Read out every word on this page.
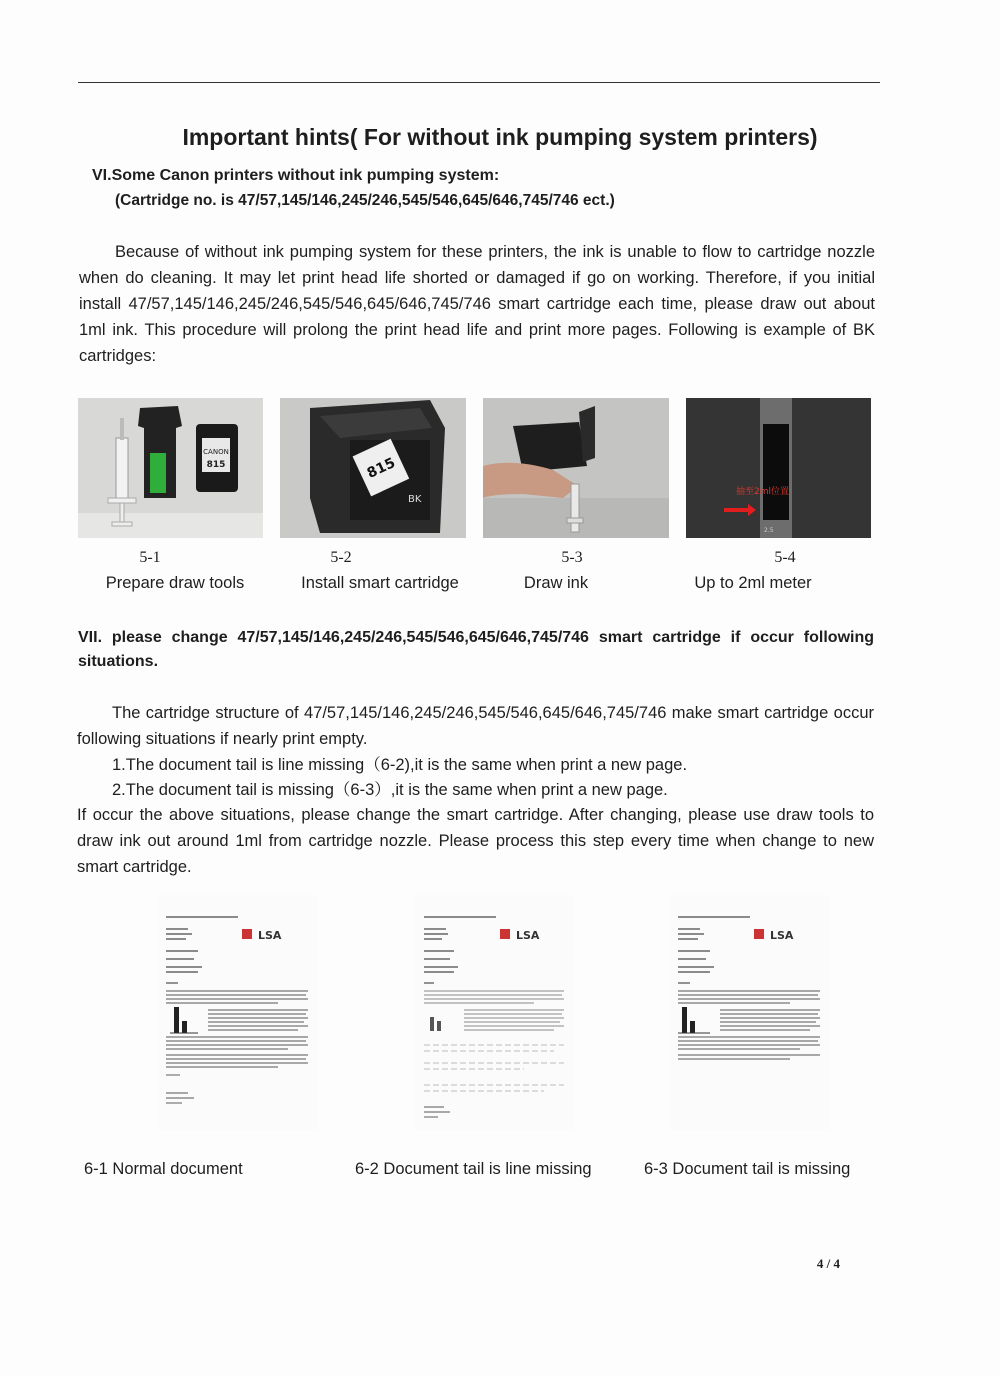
Important hints( For without ink pumping system printers)
VI.Some Canon printers without ink pumping system:
(Cartridge no. is 47/57,145/146,245/246,545/546,645/646,745/746 ect.)
Because of without ink pumping system for these printers, the ink is unable to flow to cartridge nozzle when do cleaning. It may let print head life shorted or damaged if go on working. Therefore, if you initial install 47/57,145/146,245/246,545/546,645/646,745/746 smart cartridge each time, please draw out about 1ml ink. This procedure will prolong the print head life and print more pages. Following is example of BK cartridges:
CANON
815	815
BK
抽至2ml位置
2.5
5-1
Prepare draw tools
5-2
Install smart cartridge
5-3
Draw ink
5-4
Up to 2ml meter
VII. please change 47/57,145/146,245/246,545/546,645/646,745/746 smart cartridge if occur following situations.
The cartridge structure of 47/57,145/146,245/246,545/546,645/646,745/746 make smart cartridge occur following situations if nearly print empty.
1.The document tail is line missing（6-2),it is the same when print a new page.
2.The document tail is missing（6-3）,it is the same when print a new page.
If occur the above situations, please change the smart cartridge. After changing, please use draw tools to draw ink out around 1ml from cartridge nozzle. Please process this step every time when change to new smart cartridge.
LSA	LSA	LSA
6-1 Normal document	6-2 Document tail is line missing	6-3 Document tail is missing
4 / 4
